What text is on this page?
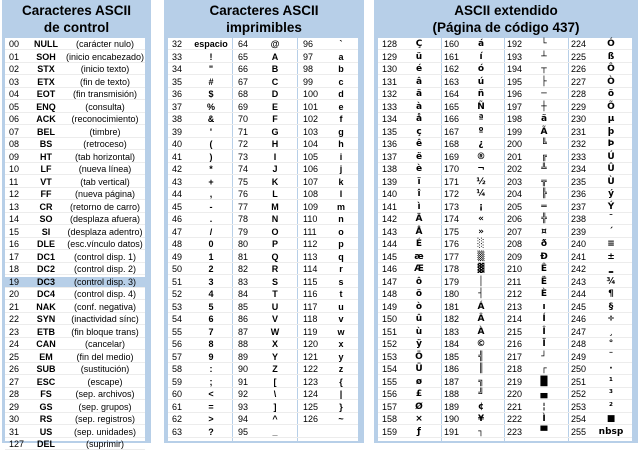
Caracteres ASCII
de control
00	NULL	(carácter nulo)
01	SOH	(inicio encabezado)
02	STX	(inicio texto)
03	ETX	(fin de texto)
04	EOT	(fin transmisión)
05	ENQ	(consulta)
06	ACK	(reconocimiento)
07	BEL	(timbre)
08	BS	(retroceso)
09	HT	(tab horizontal)
10	LF	(nueva línea)
11	VT	(tab vertical)
12	FF	(nueva página)
13	CR	(retorno de carro)
14	SO	(desplaza afuera)
15	SI	(desplaza adentro)
16	DLE	(esc.vínculo datos)
17	DC1	(control disp. 1)
18	DC2	(control disp. 2)
19	DC3	(control disp. 3)
20	DC4	(control disp. 4)
21	NAK	(conf. negativa)
22	SYN	(inactividad sínc)
23	ETB	(fin bloque trans)
24	CAN	(cancelar)
25	EM	(fin del medio)
26	SUB	(sustitución)
27	ESC	(escape)
28	FS	(sep. archivos)
29	GS	(sep. grupos)
30	RS	(sep. registros)
31	US	(sep. unidades)
127	DEL	(suprimir)
Caracteres ASCII
imprimibles
32	espacio	64	@	96	`
33	!	65	A	97	a
34	"	66	B	98	b
35	#	67	C	99	c
36	$	68	D	100	d
37	%	69	E	101	e
38	&	70	F	102	f
39	'	71	G	103	g
40	(	72	H	104	h
41	)	73	I	105	i
42	*	74	J	106	j
43	+	75	K	107	k
44	,	76	L	108	l
45	-	77	M	109	m
46	.	78	N	110	n
47	/	79	O	111	o
48	0	80	P	112	p
49	1	81	Q	113	q
50	2	82	R	114	r
51	3	83	S	115	s
52	4	84	T	116	t
53	5	85	U	117	u
54	6	86	V	118	v
55	7	87	W	119	w
56	8	88	X	120	x
57	9	89	Y	121	y
58	:	90	Z	122	z
59	;	91	[	123	{
60	<	92	\	124	|
61	=	93	]	125	}
62	>	94	^	126	~
63	?	95	_
ASCII extendido
(Página de código 437)
128	Ç	160	á	192	└	224	Ó
129	ü	161	í	193	┴	225	ß
130	é	162	ó	194	┬	226	Ô
131	â	163	ú	195	├	227	Ò
132	ä	164	ñ	196	─	228	õ
133	à	165	Ñ	197	┼	229	Õ
134	å	166	ª	198	ã	230	µ
135	ç	167	º	199	Ã	231	þ
136	ê	168	¿	200	╚	232	Þ
137	ë	169	®	201	╔	233	Ú
138	è	170	¬	202	╩	234	Û
139	ï	171	½	203	╦	235	Ù
140	î	172	¼	204	╠	236	ý
141	ì	173	¡	205	═	237	Ý
142	Ä	174	«	206	╬	238	¯
143	Å	175	»	207	¤	239	´
144	É	176	░	208	ð	240	≡
145	æ	177	▒	209	Ð	241	±
146	Æ	178	▓	210	Ê	242	‗
147	ô	179	│	211	Ë	243	¾
148	ö	180	┤	212	È	244	¶
149	ò	181	Á	213	ı	245	§
150	û	182	Â	214	Í	246	÷
151	ù	183	À	215	Î	247	¸
152	ÿ	184	©	216	Ï	248	°
153	Ö	185	╣	217	┘	249	¨
154	Ü	186	║	218	┌	250	·
155	ø	187	╗	219	█	251	¹
156	£	188	╝	220	▄	252	³
157	Ø	189	¢	221	¦	253	²
158	×	190	¥	222	Ì	254	■
159	ƒ	191	┐	223	▀	255	nbsp
